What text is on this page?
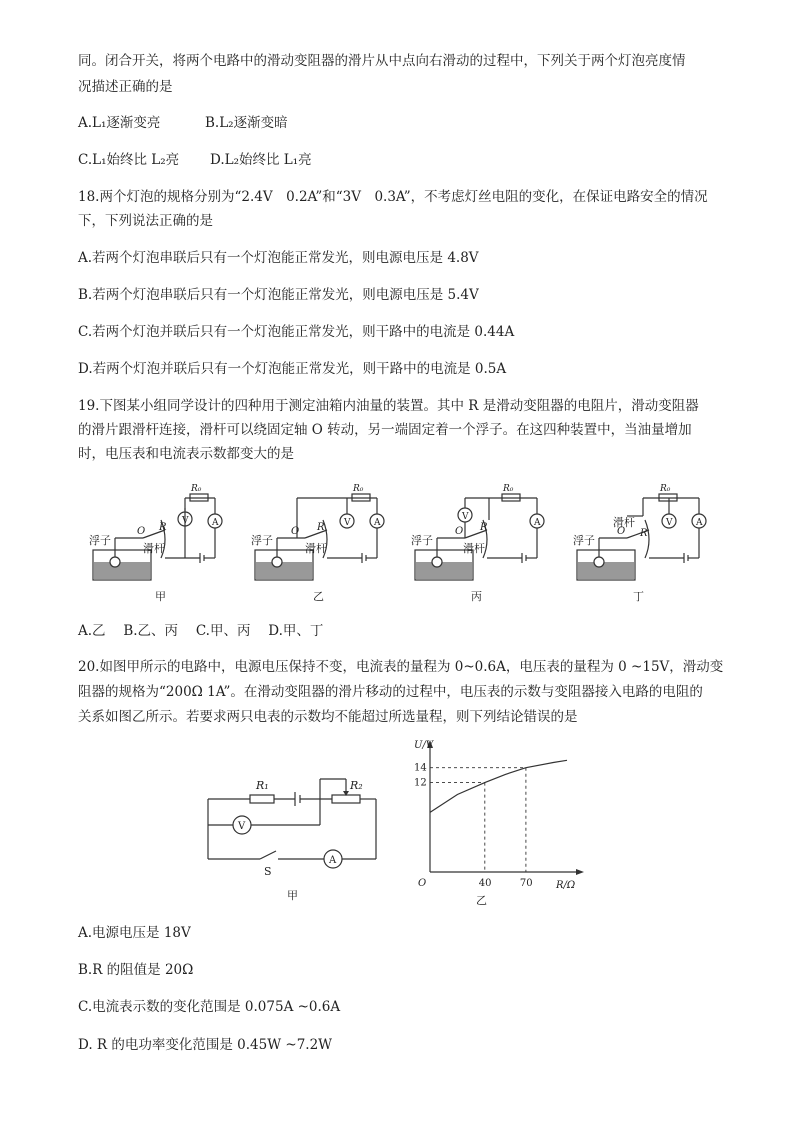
同。闭合开关，将两个电路中的滑动变阻器的滑片从中点向右滑动的过程中，下列关于两个灯泡亮度情
况描述正确的是
A.L₁逐渐变亮	B.L₂逐渐变暗
C.L₁始终比 L₂亮 D.L₂始终比 L₁亮
18.两个灯泡的规格分别为“2.4V　0.2A”和“3V　0.3A”，不考虑灯丝电阻的变化，在保证电路安全的情况
下，下列说法正确的是
A.若两个灯泡串联后只有一个灯泡能正常发光，则电源电压是 4.8V
B.若两个灯泡串联后只有一个灯泡能正常发光，则电源电压是 5.4V
C.若两个灯泡并联后只有一个灯泡能正常发光，则干路中的电流是 0.44A
D.若两个灯泡并联后只有一个灯泡能正常发光，则干路中的电流是 0.5A
19.下图某小组同学设计的四种用于测定油箱内油量的装置。其中 R 是滑动变阻器的电阻片，滑动变阻器
的滑片跟滑杆连接，滑杆可以绕固定轴 O 转动，另一端固定着一个浮子。在这四种装置中，当油量增加
时，电压表和电流表示数都变大的是
浮子
滑杆
O R
R₀
V	A
甲
浮子
滑杆
O R
R₀
V	A
乙
浮子
滑杆
O R
R₀
V
A
丙
浮子
滑杆
O R
R₀
V	A
丁
A.乙　 B.乙、丙　 C.甲、丙　 D.甲、丁
20.如图甲所示的电路中，电源电压保持不变，电流表的量程为 0~0.6A，电压表的量程为 0 ~15V，滑动变
阻器的规格为“200Ω 1A”。在滑动变阻器的滑片移动的过程中，电压表的示数与变阻器接入电路的电阻的
关系如图乙所示。若要求两只电表的示数均不能超过所选量程，则下列结论错误的是
R₁	R₂
V
A
S
甲
40
12
70
14
U/V
R/Ω
O
乙
A.电源电压是 18V
B.R 的阻值是 20Ω
C.电流表示数的变化范围是 0.075A ~0.6A
D. R 的电功率变化范围是 0.45W ~7.2W
